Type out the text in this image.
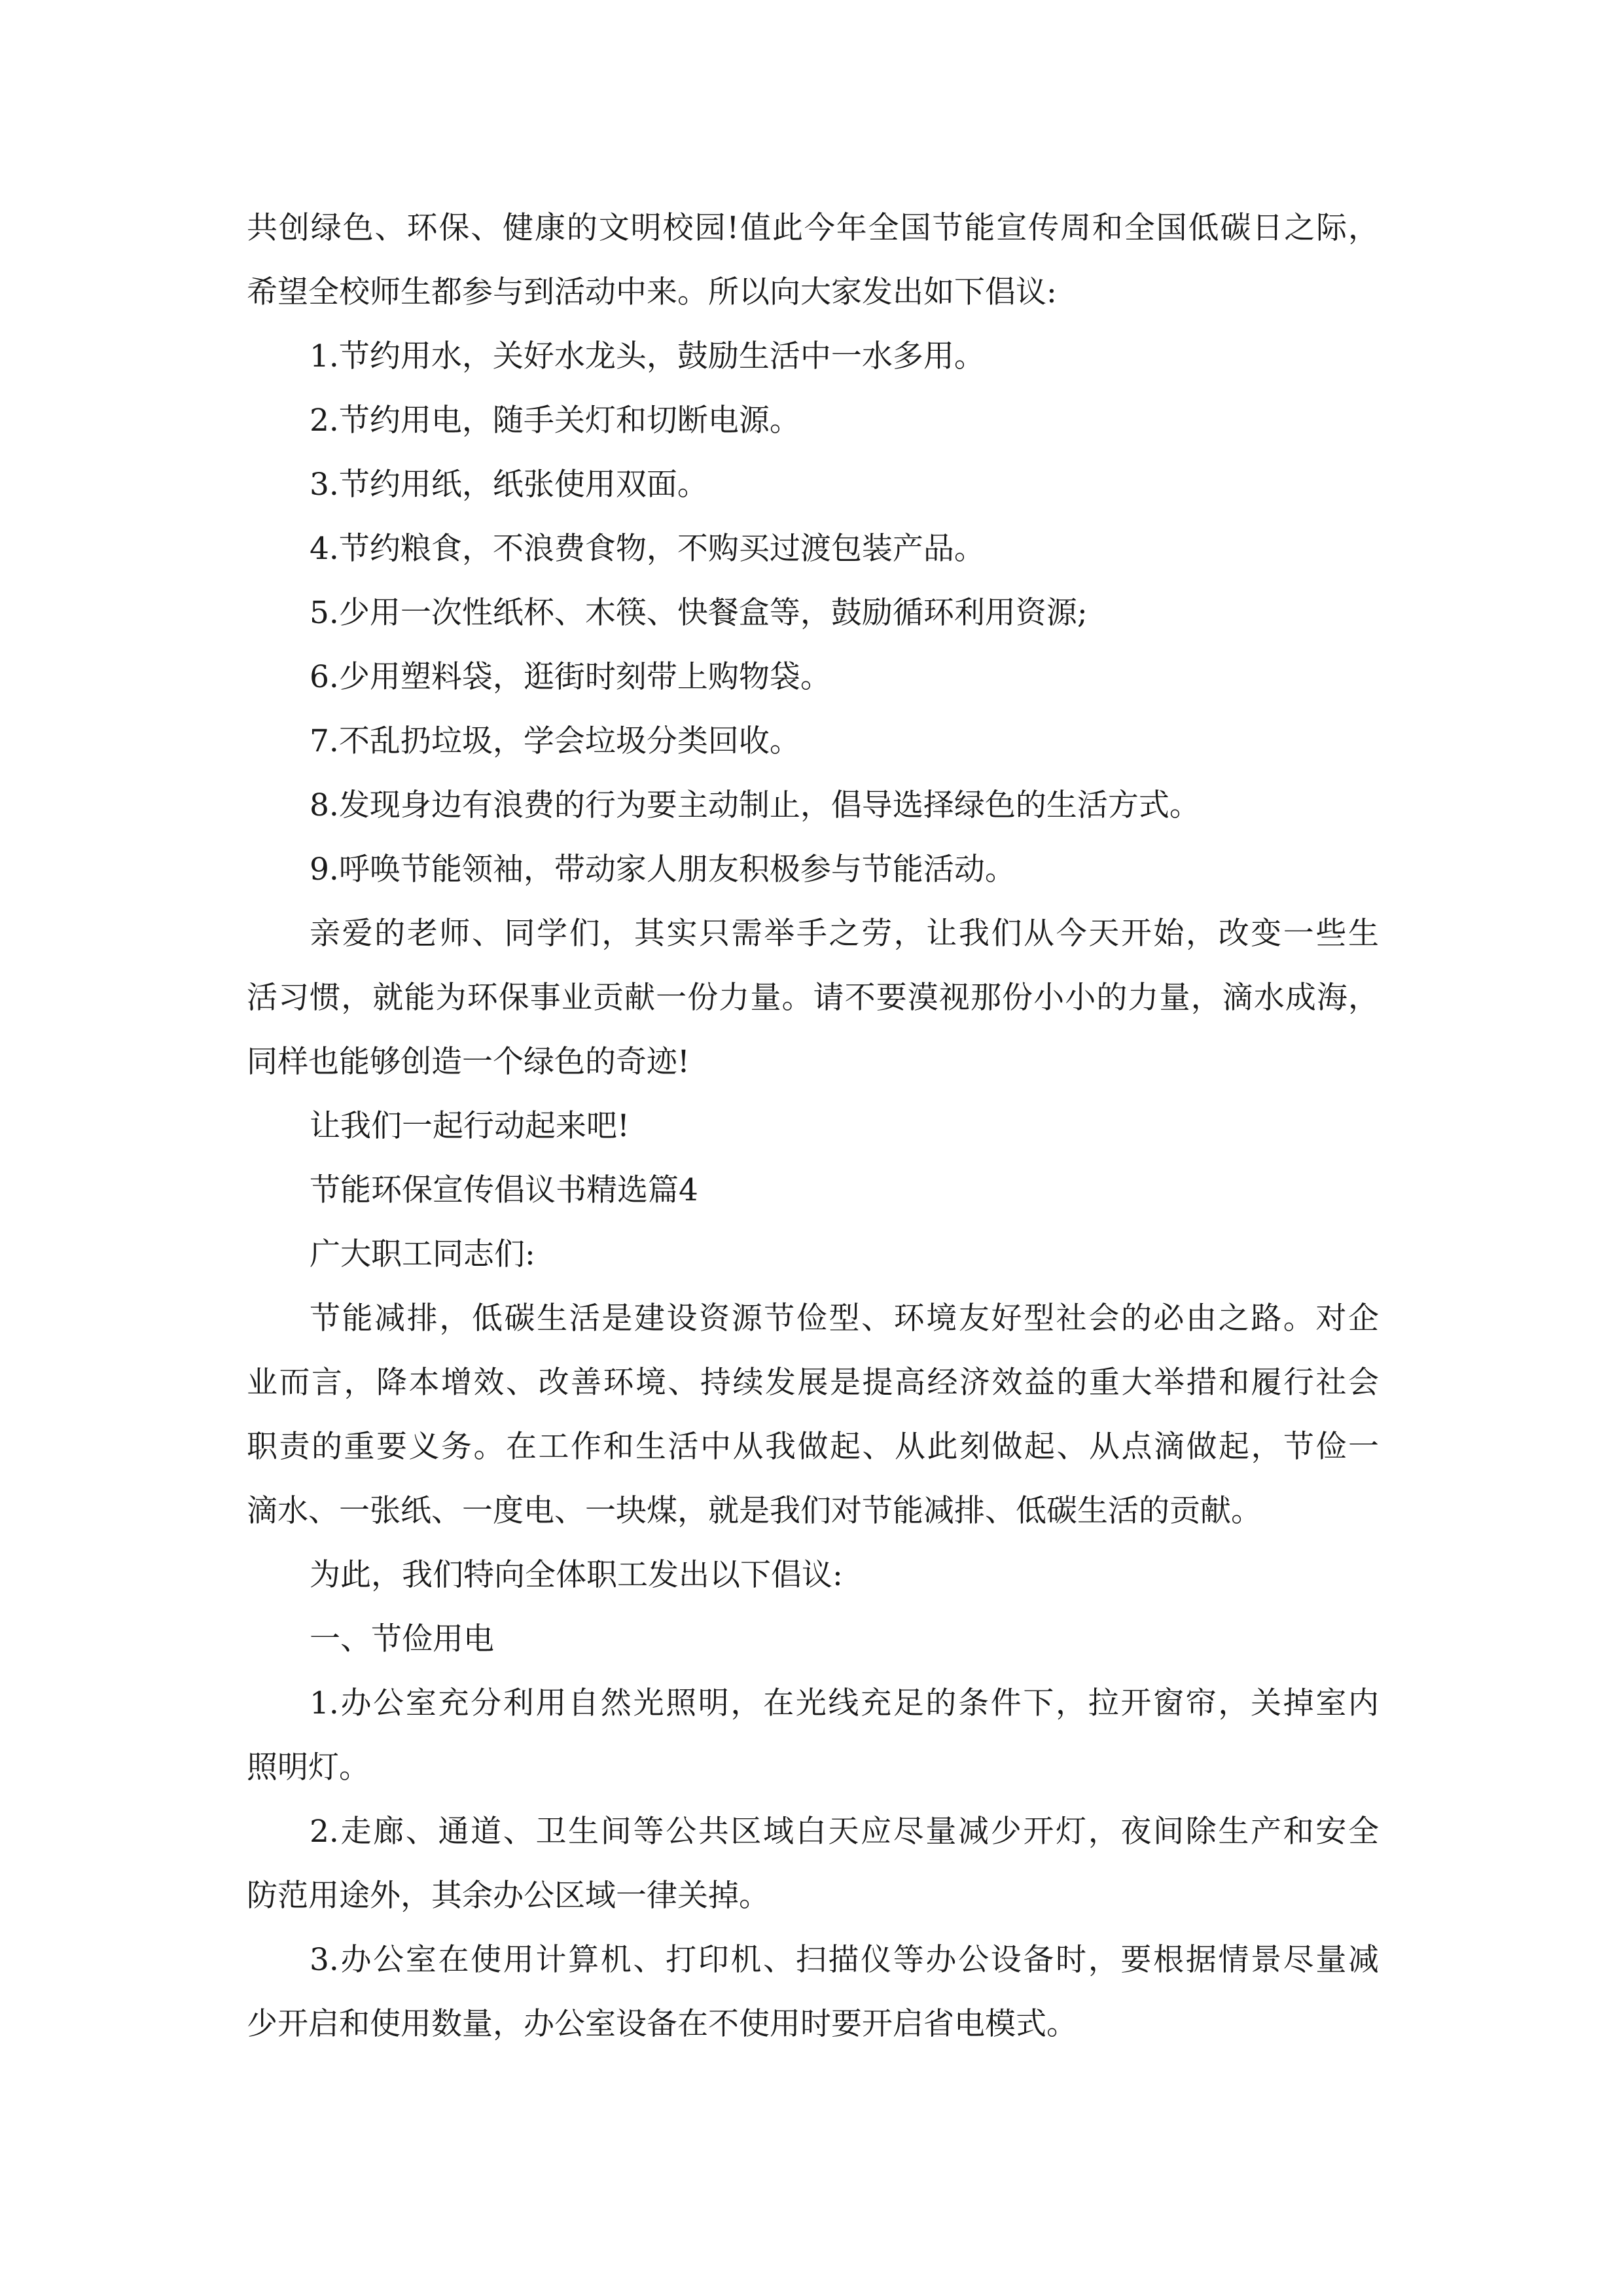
共创绿色、环保、健康的文明校园!值此今年全国节能宣传周和全国低碳日之际，

希望全校师生都参与到活动中来。所以向大家发出如下倡议:

1.节约用水，关好水龙头，鼓励生活中一水多用。

2.节约用电，随手关灯和切断电源。

3.节约用纸，纸张使用双面。

4.节约粮食，不浪费食物，不购买过渡包装产品。

5.少用一次性纸杯、木筷、快餐盒等，鼓励循环利用资源;

6.少用塑料袋，逛街时刻带上购物袋。

7.不乱扔垃圾，学会垃圾分类回收。

8.发现身边有浪费的行为要主动制止，倡导选择绿色的生活方式。

9.呼唤节能领袖，带动家人朋友积极参与节能活动。

亲爱的老师、同学们，其实只需举手之劳，让我们从今天开始，改变一些生

活习惯，就能为环保事业贡献一份力量。请不要漠视那份小小的力量，滴水成海，

同样也能够创造一个绿色的奇迹!

让我们一起行动起来吧!

节能环保宣传倡议书精选篇4

广大职工同志们:

节能减排，低碳生活是建设资源节俭型、环境友好型社会的必由之路。对企

业而言，降本增效、改善环境、持续发展是提高经济效益的重大举措和履行社会

职责的重要义务。在工作和生活中从我做起、从此刻做起、从点滴做起，节俭一

滴水、一张纸、一度电、一块煤，就是我们对节能减排、低碳生活的贡献。

为此，我们特向全体职工发出以下倡议:

一、节俭用电

1.办公室充分利用自然光照明，在光线充足的条件下，拉开窗帘，关掉室内

照明灯。

2.走廊、通道、卫生间等公共区域白天应尽量减少开灯，夜间除生产和安全

防范用途外，其余办公区域一律关掉。

3.办公室在使用计算机、打印机、扫描仪等办公设备时，要根据情景尽量减

少开启和使用数量，办公室设备在不使用时要开启省电模式。
